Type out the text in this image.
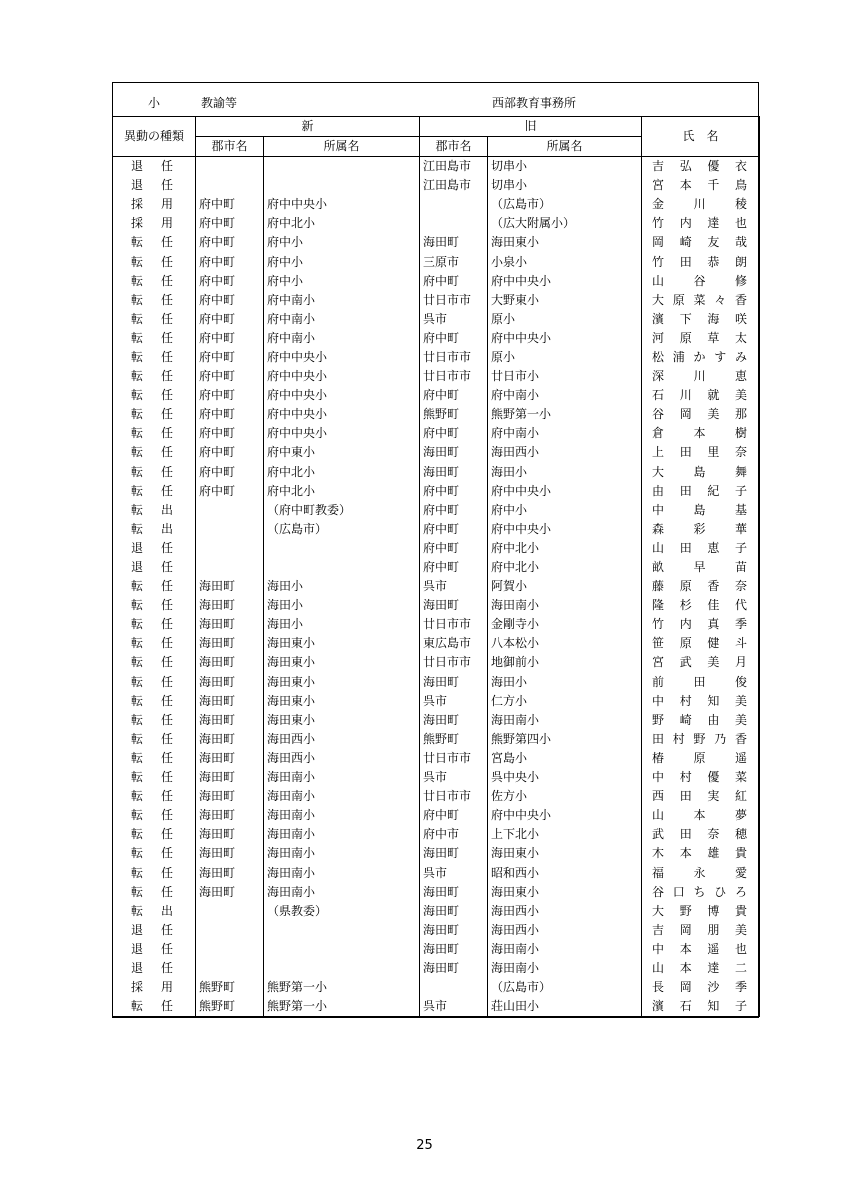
小	教諭等	西部教育事務所
異動の種類	新		旧		氏　名
	郡市名	所属名	郡市名	所属名	

退 任			江田島市	切串小	吉 弘 優 衣

退 任			江田島市	切串小	宮 本 千 鳥

採 用	府中町	府中中央小		（広島市）	金 川 稜

採 用	府中町	府中北小		（広大附属小）	竹 内 達 也

転 任	府中町	府中小	海田町	海田東小	岡 崎 友 哉

転 任	府中町	府中小	三原市	小泉小	竹 田 恭 朗

転 任	府中町	府中小	府中町	府中中央小	山 谷 修

転 任	府中町	府中南小	廿日市市	大野東小	大 原 菜 々 香

転 任	府中町	府中南小	呉市	原小	濱 下 海 咲

転 任	府中町	府中南小	府中町	府中中央小	河 原 草 太

転 任	府中町	府中中央小	廿日市市	原小	松 浦 か す み

転 任	府中町	府中中央小	廿日市市	廿日市小	深 川 恵

転 任	府中町	府中中央小	府中町	府中南小	石 川 就 美

転 任	府中町	府中中央小	熊野町	熊野第一小	谷 岡 美 那

転 任	府中町	府中中央小	府中町	府中南小	倉 本 樹

転 任	府中町	府中東小	海田町	海田西小	上 田 里 奈

転 任	府中町	府中北小	海田町	海田小	大 島 舞

転 任	府中町	府中北小	府中町	府中中央小	由 田 紀 子

転 出		（府中町教委）	府中町	府中小	中 島 基

転 出		（広島市）	府中町	府中中央小	森 彩 華

退 任			府中町	府中北小	山 田 恵 子

退 任			府中町	府中北小	畝 早 苗

転 任	海田町	海田小	呉市	阿賀小	藤 原 香 奈

転 任	海田町	海田小	海田町	海田南小	隆 杉 佳 代

転 任	海田町	海田小	廿日市市	金剛寺小	竹 内 真 季

転 任	海田町	海田東小	東広島市	八本松小	笹 原 健 斗

転 任	海田町	海田東小	廿日市市	地御前小	宮 武 美 月

転 任	海田町	海田東小	海田町	海田小	前 田 俊

転 任	海田町	海田東小	呉市	仁方小	中 村 知 美

転 任	海田町	海田東小	海田町	海田南小	野 崎 由 美

転 任	海田町	海田西小	熊野町	熊野第四小	田 村 野 乃 香

転 任	海田町	海田西小	廿日市市	宮島小	椿 原 遥

転 任	海田町	海田南小	呉市	呉中央小	中 村 優 菜

転 任	海田町	海田南小	廿日市市	佐方小	西 田 実 紅

転 任	海田町	海田南小	府中町	府中中央小	山 本 夢

転 任	海田町	海田南小	府中市	上下北小	武 田 奈 穂

転 任	海田町	海田南小	海田町	海田東小	木 本 雄 貴

転 任	海田町	海田南小	呉市	昭和西小	福 永 愛

転 任	海田町	海田南小	海田町	海田東小	谷 口 ち ひ ろ

転 出		（県教委）	海田町	海田西小	大 野 博 貴

退 任			海田町	海田西小	吉 岡 朋 美

退 任			海田町	海田南小	中 本 遥 也

退 任			海田町	海田南小	山 本 達 二

採 用	熊野町	熊野第一小		（広島市）	長 岡 沙 季

転 任	熊野町	熊野第一小	呉市	荘山田小	濱 石 知 子
25
